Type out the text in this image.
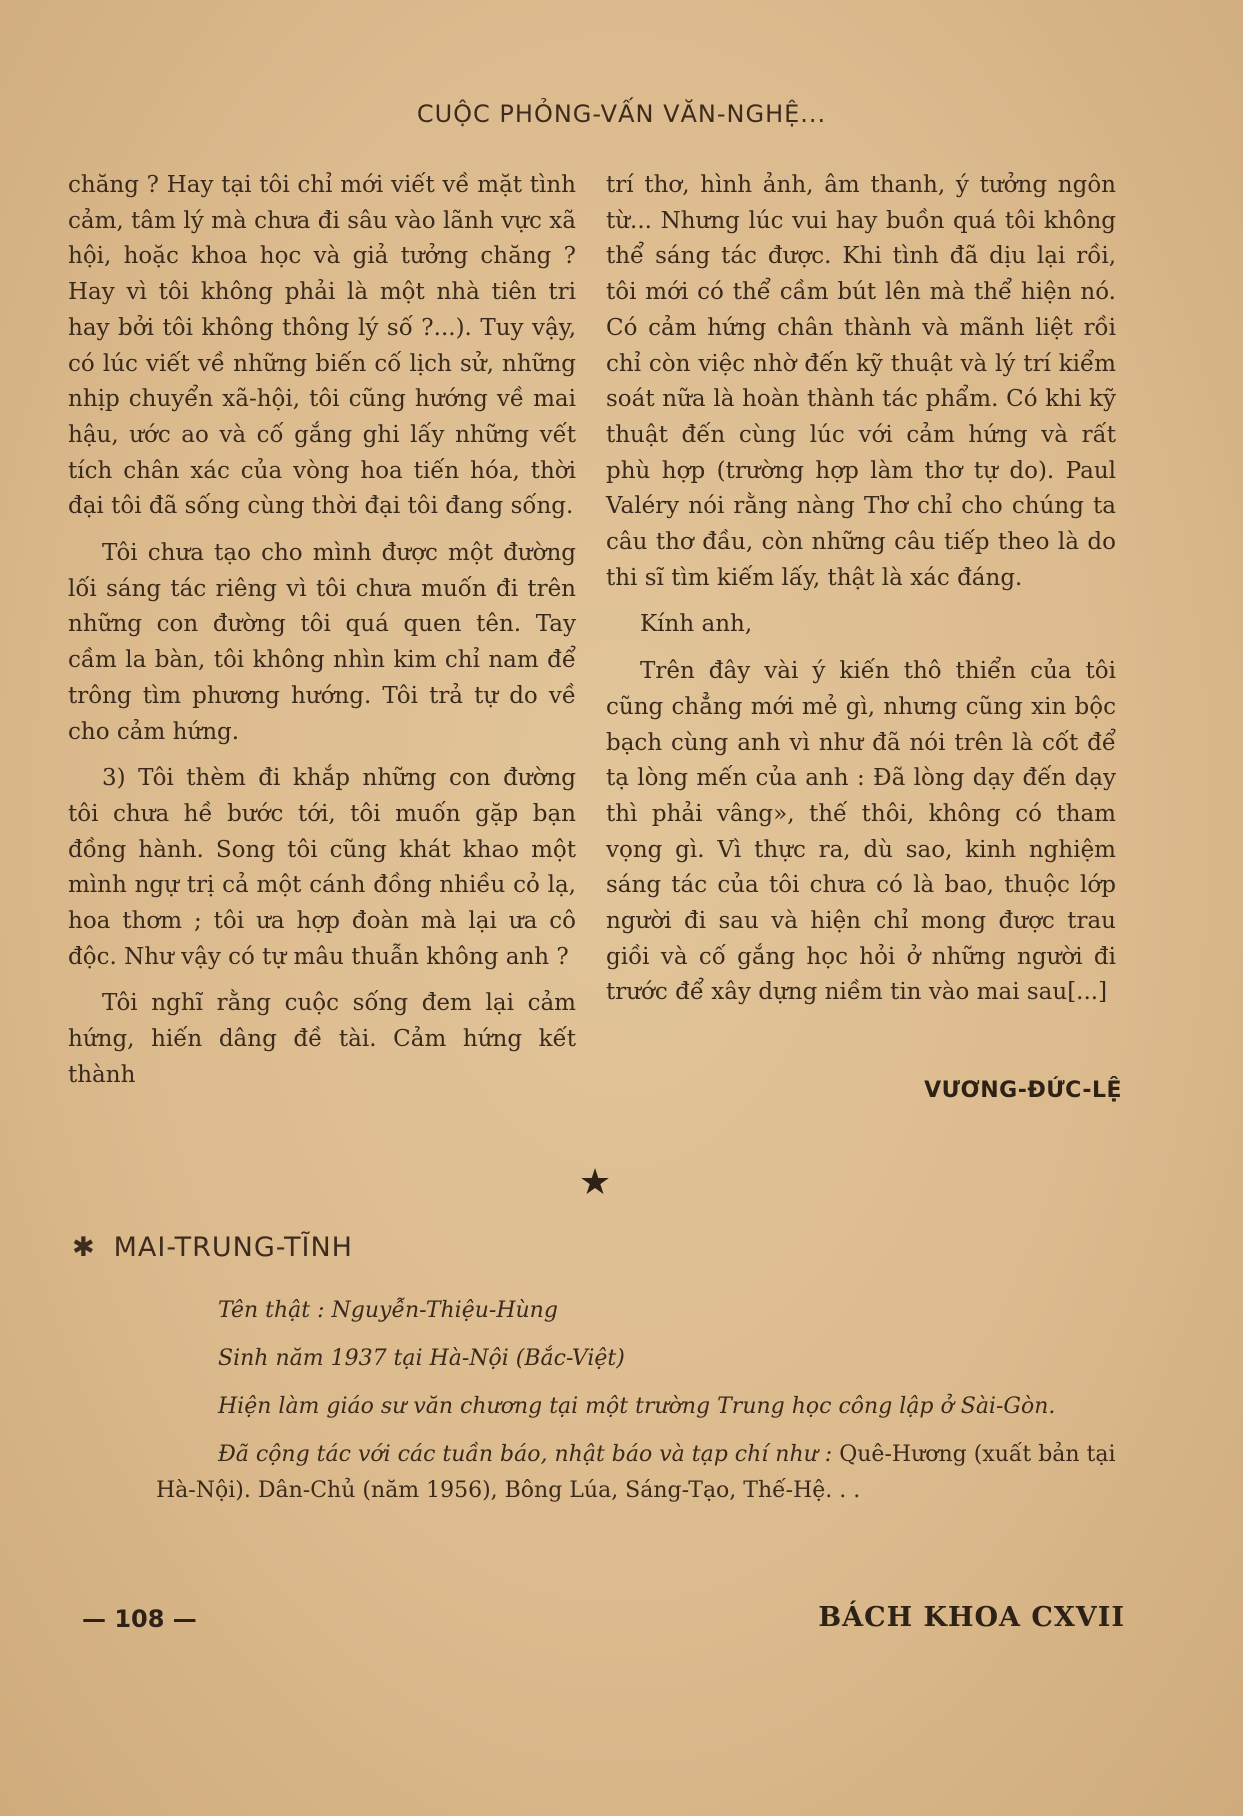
CUỘC PHỎNG-VẤN VĂN-NGHỆ...

chăng ? Hay tại tôi chỉ mới viết về mặt tình cảm, tâm lý mà chưa đi sâu vào lãnh vực xã hội, hoặc khoa học và giả tưởng chăng ? Hay vì tôi không phải là một nhà tiên tri hay bởi tôi không thông lý số ?...). Tuy vậy, có lúc viết về những biến cố lịch sử, những nhịp chuyển xã-hội, tôi cũng hướng về mai hậu, ước ao và cố gắng ghi lấy những vết tích chân xác của vòng hoa tiến hóa, thời đại tôi đã sống cùng thời đại tôi đang sống.

Tôi chưa tạo cho mình được một đường lối sáng tác riêng vì tôi chưa muốn đi trên những con đường tôi quá quen tên. Tay cầm la bàn, tôi không nhìn kim chỉ nam để trông tìm phương hướng. Tôi trả tự do về cho cảm hứng.

3) Tôi thèm đi khắp những con đường tôi chưa hề bước tới, tôi muốn gặp bạn đồng hành. Song tôi cũng khát khao một mình ngự trị cả một cánh đồng nhiều cỏ lạ, hoa thơm ; tôi ưa hợp đoàn mà lại ưa cô độc. Như vậy có tự mâu thuẫn không anh ?

Tôi nghĩ rằng cuộc sống đem lại cảm hứng, hiến dâng đề tài. Cảm hứng kết thành

trí thơ, hình ảnh, âm thanh, ý tưởng ngôn từ... Nhưng lúc vui hay buồn quá tôi không thể sáng tác được. Khi tình đã dịu lại rồi, tôi mới có thể cầm bút lên mà thể hiện nó. Có cảm hứng chân thành và mãnh liệt rồi chỉ còn việc nhờ đến kỹ thuật và lý trí kiểm soát nữa là hoàn thành tác phẩm. Có khi kỹ thuật đến cùng lúc với cảm hứng và rất phù hợp (trường hợp làm thơ tự do). Paul Valéry nói rằng nàng Thơ chỉ cho chúng ta câu thơ đầu, còn những câu tiếp theo là do thi sĩ tìm kiếm lấy, thật là xác đáng.

Kính anh,

Trên đây vài ý kiến thô thiển của tôi cũng chẳng mới mẻ gì, nhưng cũng xin bộc bạch cùng anh vì như đã nói trên là cốt để tạ lòng mến của anh : Đã lòng dạy đến dạy thì phải vâng», thế thôi, không có tham vọng gì. Vì thực ra, dù sao, kinh nghiệm sáng tác của tôi chưa có là bao, thuộc lớp người đi sau và hiện chỉ mong được trau giồi và cố gắng học hỏi ở những người đi trước để xây dựng niềm tin vào mai sau[...]

VƯƠNG-ĐỨC-LỆ
★
✱ MAI-TRUNG-TĨNH

Tên thật : Nguyễn-Thiệu-Hùng

Sinh năm 1937 tại Hà-Nội (Bắc-Việt)

Hiện làm giáo sư văn chương tại một trường Trung học công lập ở Sài-Gòn.

Đã cộng tác với các tuần báo, nhật báo và tạp chí như : Quê-Hương (xuất bản tại Hà-Nội). Dân-Chủ (năm 1956), Bông Lúa, Sáng-Tạo, Thế-Hệ. . .

— 108 —	BÁCH KHOA CXVII
